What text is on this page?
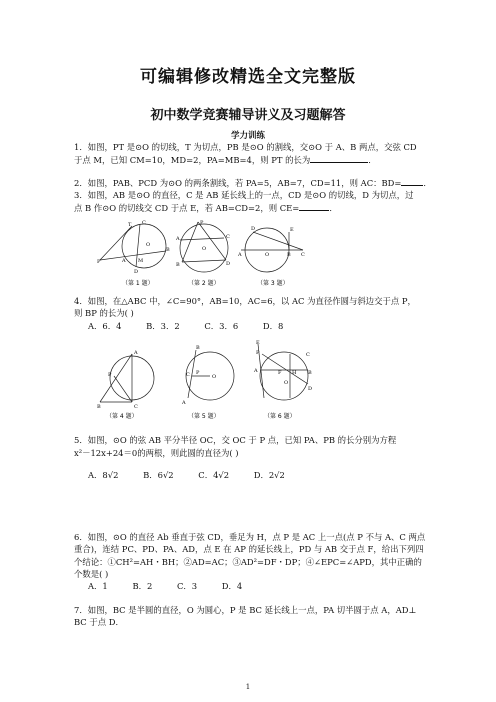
可编辑修改精选全文完整版
初中数学竞赛辅导讲义及习题解答
学力训练
1．如图，PT 是⊙O 的切线，T 为切点，PB 是⊙O 的割线，交⊙O 于 A、B 两点，交弦 CD
于点 M，已知 CM=10，MD=2，PA=MB=4，则 PT 的长为	．
2．如图，PAB、PCD 为⊙O 的两条割线，若 PA=5，AB=7，CD=11，则 AC：BD=	．
3．如图，AB 是⊙O 的直径，C 是 AB 延长线上的一点，CD 是⊙O 的切线，D 为切点，过
点 B 作⊙O 的切线交 CD 于点 E，若 AB=CD=2，则 CE=	．
P
T C
M
B
O
A
D
（第 1 题）
P
A	C
B	D
O
（第 2 题）
D	E
A	O	B C
（第 3 题）
4．如图，在△ABC 中，∠C=90°，AB=10，AC=6，以 AC 为直径作圆与斜边交于点 P，
则 BP 的长为( )
A．6．4	B．3．2	C．3．6	D．8
A
P
B	C
（第 4 题）
B
C P
O
A
（第 5 题）
E
P	C
A	F H B
D
O
（第 6 题）
5．如图，⊙O 的弦 AB 平分半径 OC，交 OC 于 P 点，已知 PA、PB 的长分别为方程
x²－12x+24＝0的两根，则此圆的直径为( )
A．8√2	B．6√2	C．4√2	D．2√2
6．如图，⊙O 的直径 Ab 垂直于弦 CD，垂足为 H，点 P 是 AC 上一点(点 P 不与 A、C 两点
重合)，连结 PC、PD、PA、AD，点 E 在 AP 的延长线上，PD 与 AB 交于点 F，给出下列四
个结论：①CH²=AH・BH；②AD=AC；③AD²=DF・DP；④∠EPC=∠APD，其中正确的
个数是( )
A．1	B．2	C．3	D．4
7．如图，BC 是半圆的直径，O 为圆心，P 是 BC 延长线上一点，PA 切半圆于点 A，AD⊥
BC 于点 D．
1
